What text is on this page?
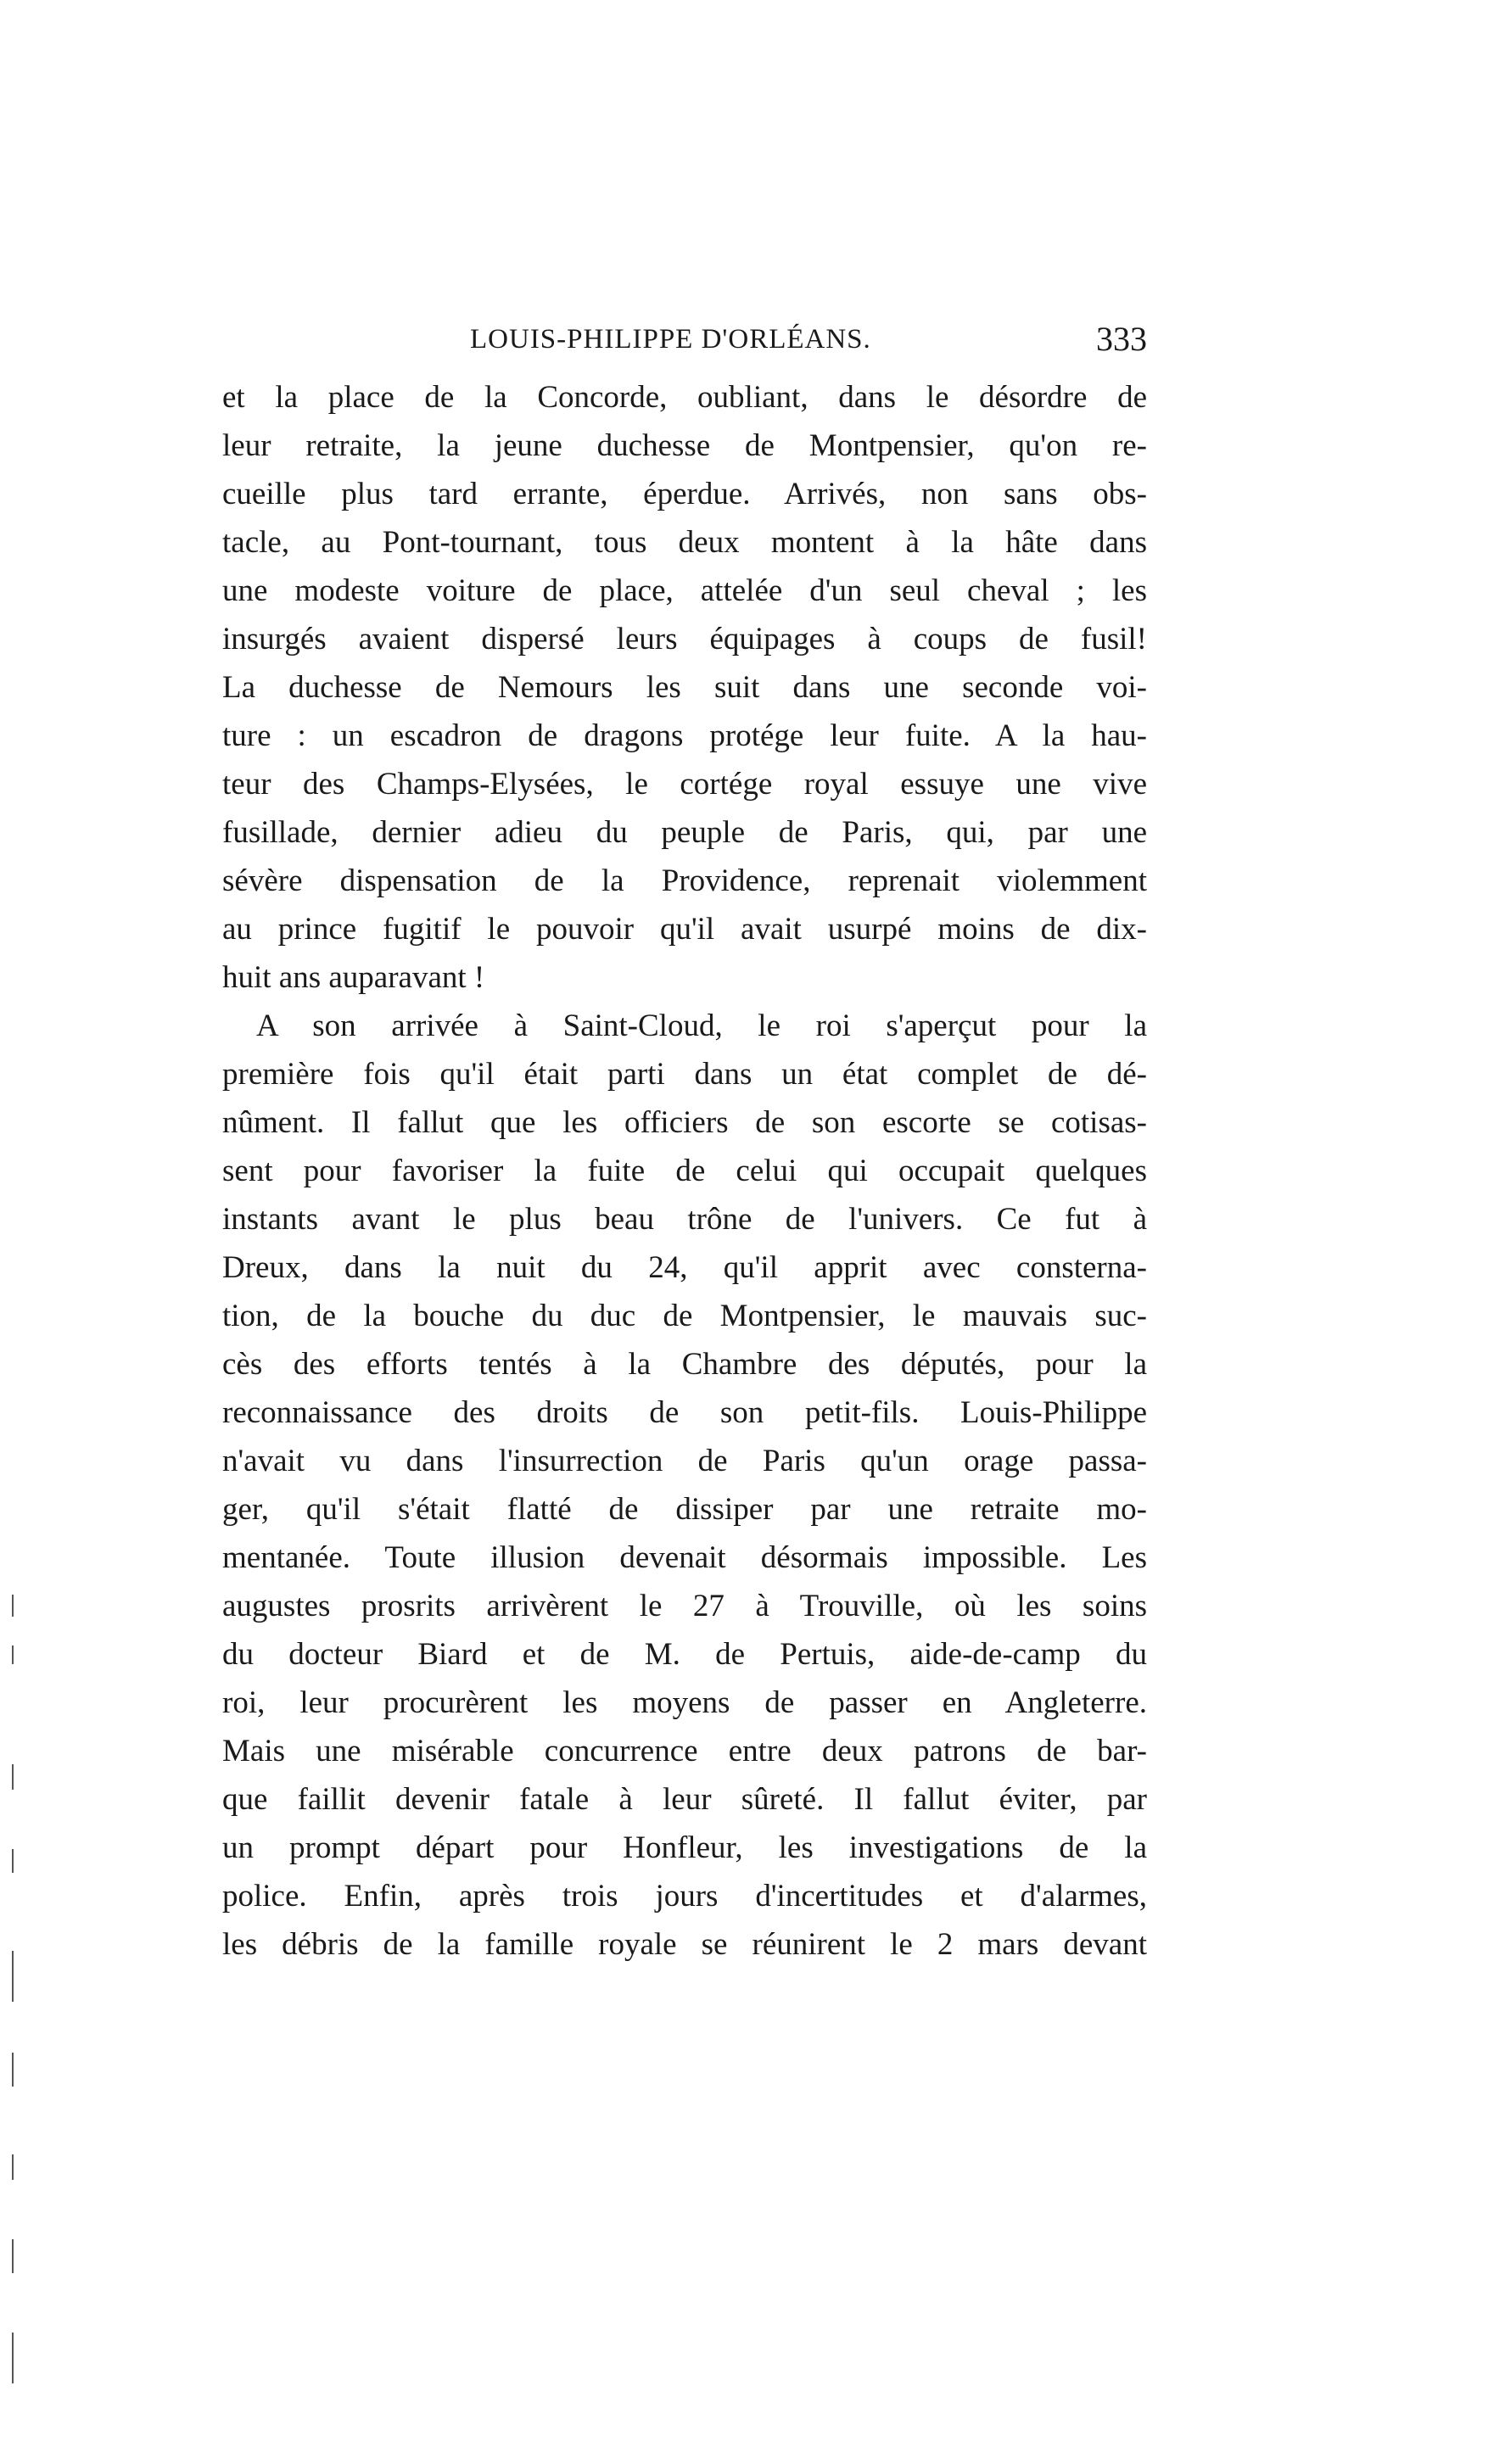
LOUIS-PHILIPPE D'ORLÉANS.	333
et la place de la Concorde, oubliant, dans le désordre de
leur retraite, la jeune duchesse de Montpensier, qu'on re-
cueille plus tard errante, éperdue. Arrivés, non sans obs-
tacle, au Pont-tournant, tous deux montent à la hâte dans
une modeste voiture de place, attelée d'un seul cheval ; les
insurgés avaient dispersé leurs équipages à coups de fusil!
La duchesse de Nemours les suit dans une seconde voi-
ture : un escadron de dragons protége leur fuite. A la hau-
teur des Champs-Elysées, le cortége royal essuye une vive
fusillade, dernier adieu du peuple de Paris, qui, par une
sévère dispensation de la Providence, reprenait violemment
au prince fugitif le pouvoir qu'il avait usurpé moins de dix-
huit ans auparavant !
A son arrivée à Saint-Cloud, le roi s'aperçut pour la
première fois qu'il était parti dans un état complet de dé-
nûment. Il fallut que les officiers de son escorte se cotisas-
sent pour favoriser la fuite de celui qui occupait quelques
instants avant le plus beau trône de l'univers. Ce fut à
Dreux, dans la nuit du 24, qu'il apprit avec consterna-
tion, de la bouche du duc de Montpensier, le mauvais suc-
cès des efforts tentés à la Chambre des députés, pour la
reconnaissance des droits de son petit-fils. Louis-Philippe
n'avait vu dans l'insurrection de Paris qu'un orage passa-
ger, qu'il s'était flatté de dissiper par une retraite mo-
mentanée. Toute illusion devenait désormais impossible. Les
augustes prosrits arrivèrent le 27 à Trouville, où les soins
du docteur Biard et de M. de Pertuis, aide-de-camp du
roi, leur procurèrent les moyens de passer en Angleterre.
Mais une misérable concurrence entre deux patrons de bar-
que faillit devenir fatale à leur sûreté. Il fallut éviter, par
un prompt départ pour Honfleur, les investigations de la
police. Enfin, après trois jours d'incertitudes et d'alarmes,
les débris de la famille royale se réunirent le 2 mars devant
